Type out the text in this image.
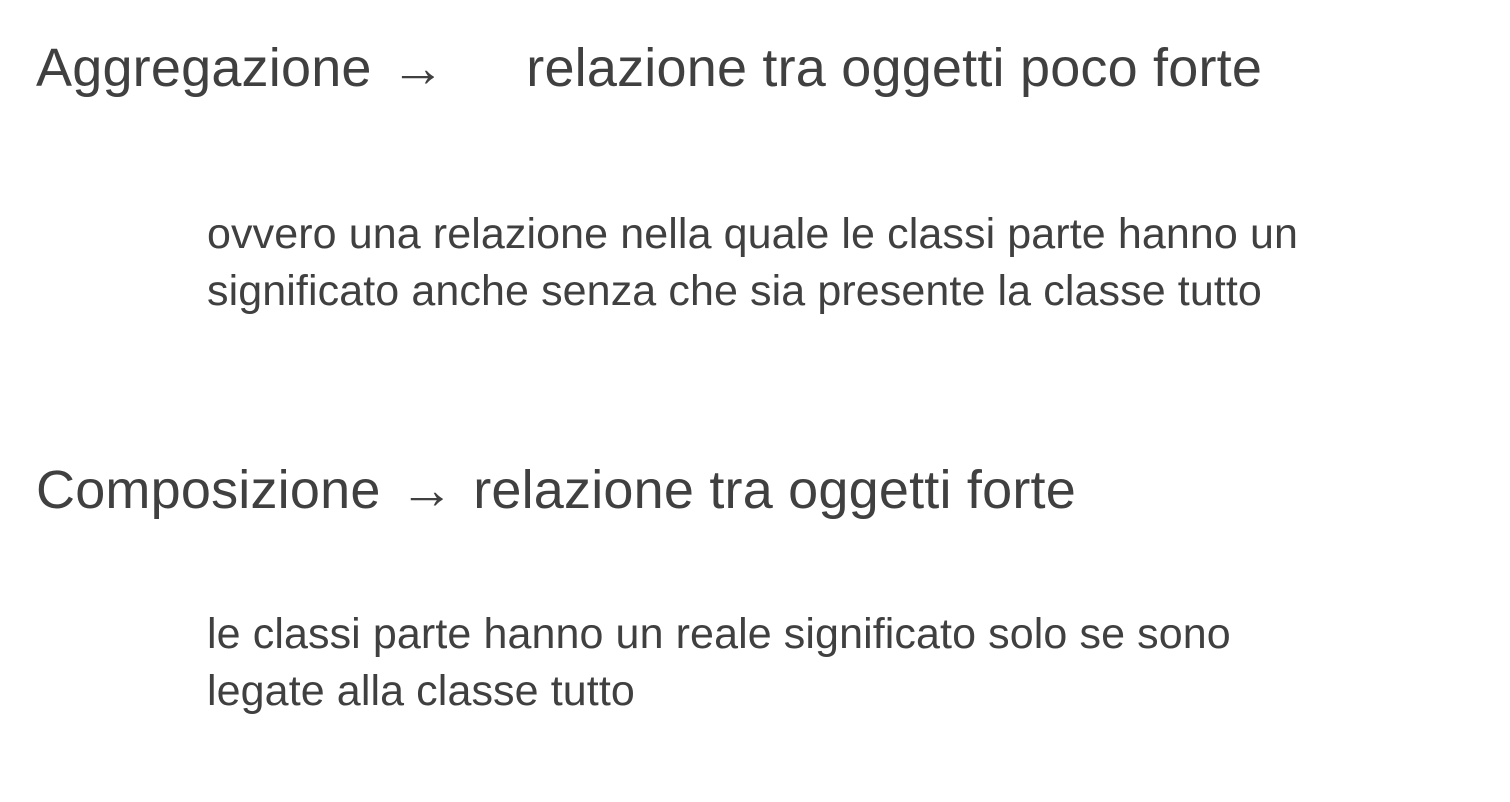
Aggregazione → relazione tra oggetti poco forte
ovvero una relazione nella quale le classi parte hanno un
significato anche senza che sia presente la classe tutto
Composizione → relazione tra oggetti forte
le classi parte hanno un reale significato solo se sono
legate alla classe tutto
